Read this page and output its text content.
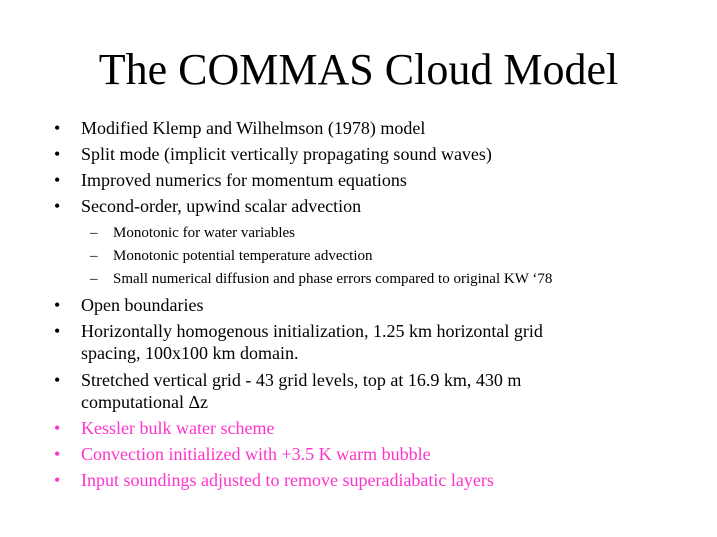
The COMMAS Cloud Model
•	Modified Klemp and Wilhelmson (1978) model
•	Split mode (implicit vertically propagating sound waves)
•	Improved numerics for momentum equations
•	Second-order, upwind scalar advection
– Monotonic for water variables
– Monotonic potential temperature advection
– Small numerical diffusion and phase errors compared to original KW ‘78
•	Open boundaries
•	Horizontally homogenous initialization, 1.25 km horizontal grid
spacing, 100x100 km domain.
•	Stretched vertical grid - 43 grid levels, top at 16.9 km, 430 m
computational Δz
•	Kessler bulk water scheme
•	Convection initialized with +3.5 K warm bubble
•	Input soundings adjusted to remove superadiabatic layers
